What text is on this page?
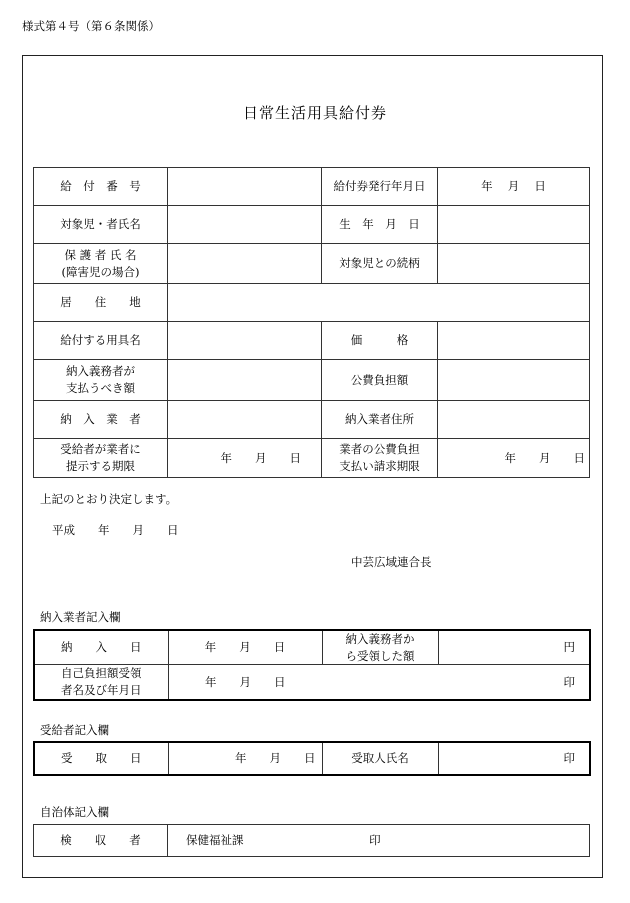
様式第４号（第６条関係）
日常生活用具給付券
給　付　番　号		給付券発行年月日	年　 月　 日
対象児・者氏名		生　年　月　日	
保 護 者 氏 名
(障害児の場合)		対象児との続柄	
居　　住　　地			
給付する用具名		価　　　格	
納入義務者が
支払うべき額		公費負担額	
納　入　業　者		納入業者住所	
受給者が業者に
提示する期限	年　　月　　日	業者の公費負担
支払い請求期限	年　　月　　日
上記のとおり決定します。
平成　　年　　月　　日
中芸広域連合長
納入業者記入欄
納　　入　　日	年　　月　　日	納入義務者か
ら受領した額	円
自己負担額受領
者名及び年月日	年　　月　　日	印	
受給者記入欄
受　　取　　日	年　　月　　日	受取人氏名	印
自治体記入欄
検　　収　　者	保健福祉課	印
